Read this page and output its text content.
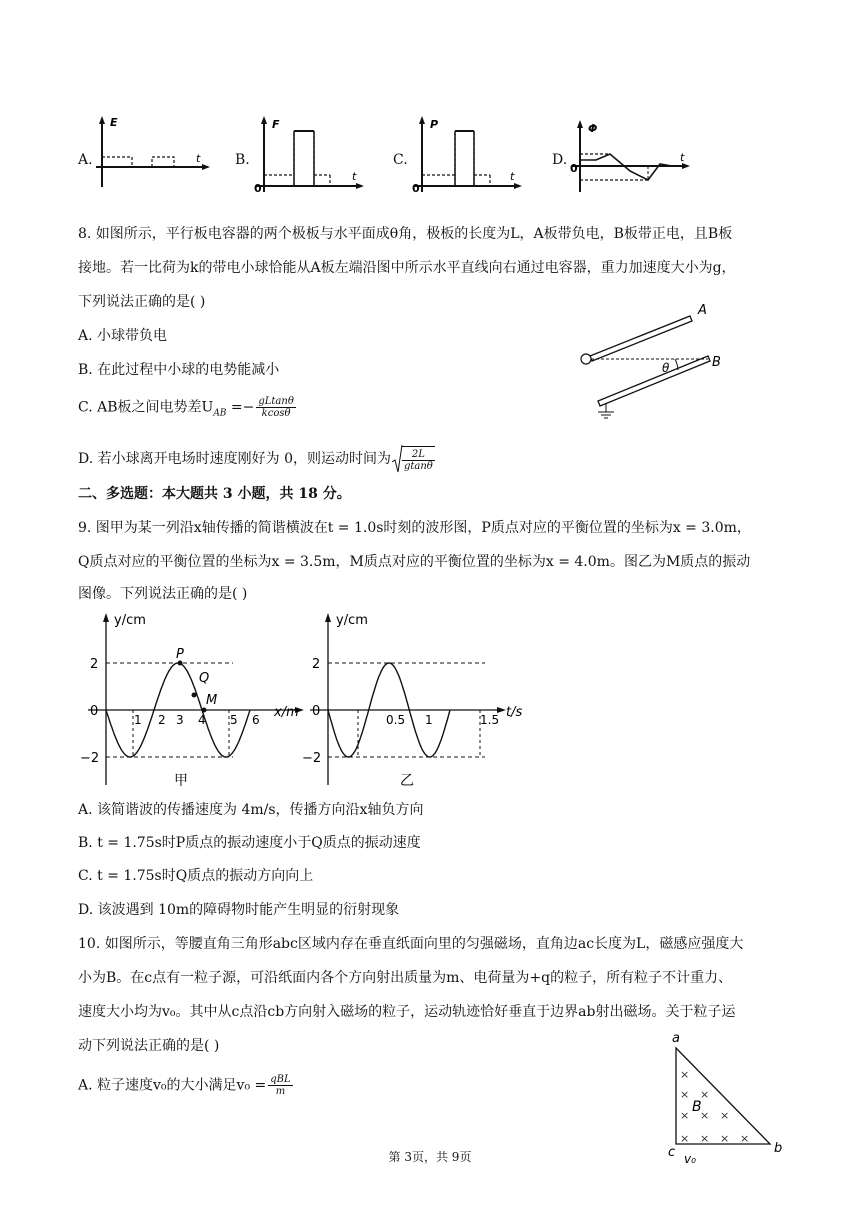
A.
E
t B.
F
t
0
C.
P
t
0
D.
Φ
t
0
8. 如图所示，平行板电容器的两个极板与水平面成θ角，极板的长度为L，A板带负电，B板带正电，且B板
接地。若一比荷为k的带电小球恰能从A板左端沿图中所示水平直线向右通过电容器，重力加速度大小为g，
下列说法正确的是( )
A. 小球带负电
B. 在此过程中小球的电势能减小
C. AB板之间电势差$U_{AB} =- \frac{gLtan\theta}{kcos\theta}$
D. 若小球离开电场时速度刚好为 0，则运动时间为 $\frac{2L}{gtan\theta}$
A
B
θ
二、多选题：本大题共 3 小题，共 18 分。
9. 图甲为某一列沿x轴传播的简谐横波在t = 1.0s时刻的波形图，P质点对应的平衡位置的坐标为x = 3.0m，
Q质点对应的平衡位置的坐标为x = 3.5m，M质点对应的平衡位置的坐标为x = 4.0m。图乙为M质点的振动
图像。下列说法正确的是( )
y/cm
x/m
2
0
−2
1 2 3 4 5 6
P
Q
M
甲
y/cm
t/s
2
0
−2
0.5 1	1.5
乙
A. 该简谐波的传播速度为 4m/s，传播方向沿x轴负方向
B. t = 1.75s时P质点的振动速度小于Q质点的振动速度
C. t = 1.75s时Q质点的振动方向向上
D. 该波遇到 10m的障碍物时能产生明显的衍射现象
10. 如图所示，等腰直角三角形abc区域内存在垂直纸面向里的匀强磁场，直角边ac长度为L，磁感应强度大
小为B。在c点有一粒子源，可沿纸面内各个方向射出质量为m、电荷量为+q的粒子，所有粒子不计重力、
速度大小均为v₀。其中从c点沿cb方向射入磁场的粒子，运动轨迹恰好垂直于边界ab射出磁场。关于粒子运
动下列说法正确的是( )
A. 粒子速度v₀的大小满足$v_0 = \frac{\text{qBL}}{m}$	×
× ×
× × ×
× × × ×
a
b
c
B
v₀
第 3页，共 9页
